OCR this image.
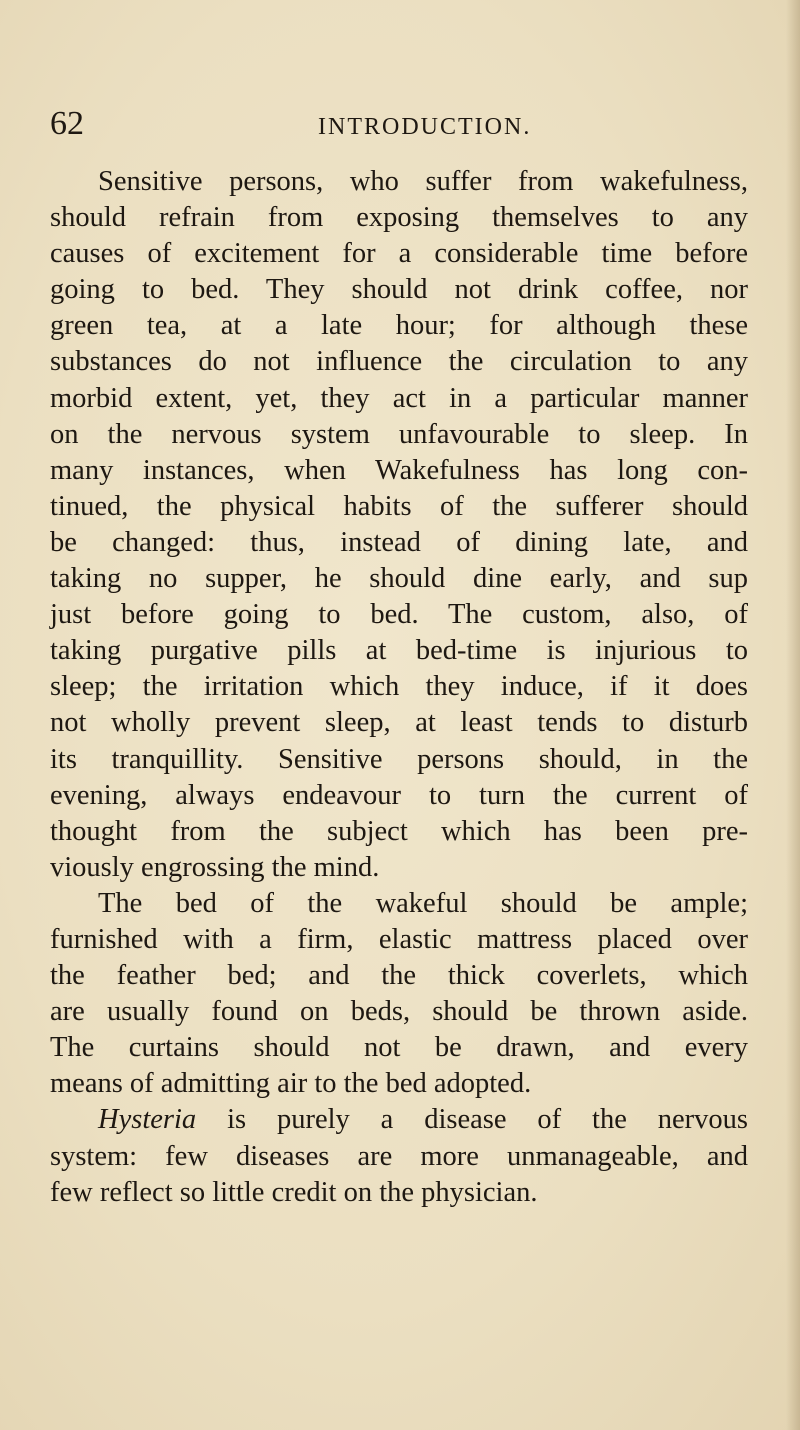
62	INTRODUCTION.
Sensitive persons, who suffer from wakefulness,
should refrain from exposing themselves to any
causes of excitement for a considerable time before
going to bed. They should not drink coffee, nor
green tea, at a late hour; for although these
substances do not influence the circulation to any
morbid extent, yet, they act in a particular manner
on the nervous system unfavourable to sleep. In
many instances, when Wakefulness has long con-
tinued, the physical habits of the sufferer should
be changed: thus, instead of dining late, and
taking no supper, he should dine early, and sup
just before going to bed. The custom, also, of
taking purgative pills at bed-time is injurious to
sleep; the irritation which they induce, if it does
not wholly prevent sleep, at least tends to disturb
its tranquillity. Sensitive persons should, in the
evening, always endeavour to turn the current of
thought from the subject which has been pre-
viously engrossing the mind.
The bed of the wakeful should be ample;
furnished with a firm, elastic mattress placed over
the feather bed; and the thick coverlets, which
are usually found on beds, should be thrown aside.
The curtains should not be drawn, and every
means of admitting air to the bed adopted.
Hysteria is purely a disease of the nervous
system: few diseases are more unmanageable, and
few reflect so little credit on the physician.
